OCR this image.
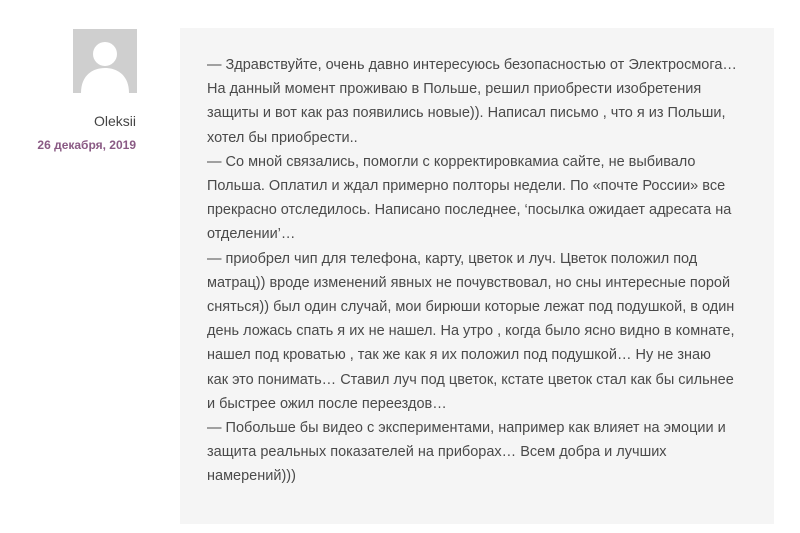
Oleksii
26 декабря, 2019

— Здравствуйте, очень давно интересуюсь безопасностью от Электросмога…
На данный момент проживаю в Польше, решил приобрести изобретения
защиты и вот как раз появились новые)). Написал письмо , что я из Польши,
хотел бы приобрести..
— Со мной связались, помогли с корректировкамиа сайте, не выбивало
Польша. Оплатил и ждал примерно полторы недели. По «почте России» все
прекрасно отследилось. Написано последнее, ‘посылка ожидает адресата на
отделении’…
— приобрел чип для телефона, карту, цветок и луч. Цветок положил под
матрац)) вроде изменений явных не почувствовал, но сны интересные порой
сняться)) был один случай, мои бирюши которые лежат под подушкой, в один
день ложась спать я их не нашел. На утро , когда было ясно видно в комнате,
нашел под кроватью , так же как я их положил под подушкой… Ну не знаю
как это понимать… Ставил луч под цветок, кстате цветок стал как бы сильнее
и быстрее ожил после переездов…
— Побольше бы видео с экспериментами, например как влияет на эмоции и
защита реальных показателей на приборах… Всем добра и лучших
намерений)))
